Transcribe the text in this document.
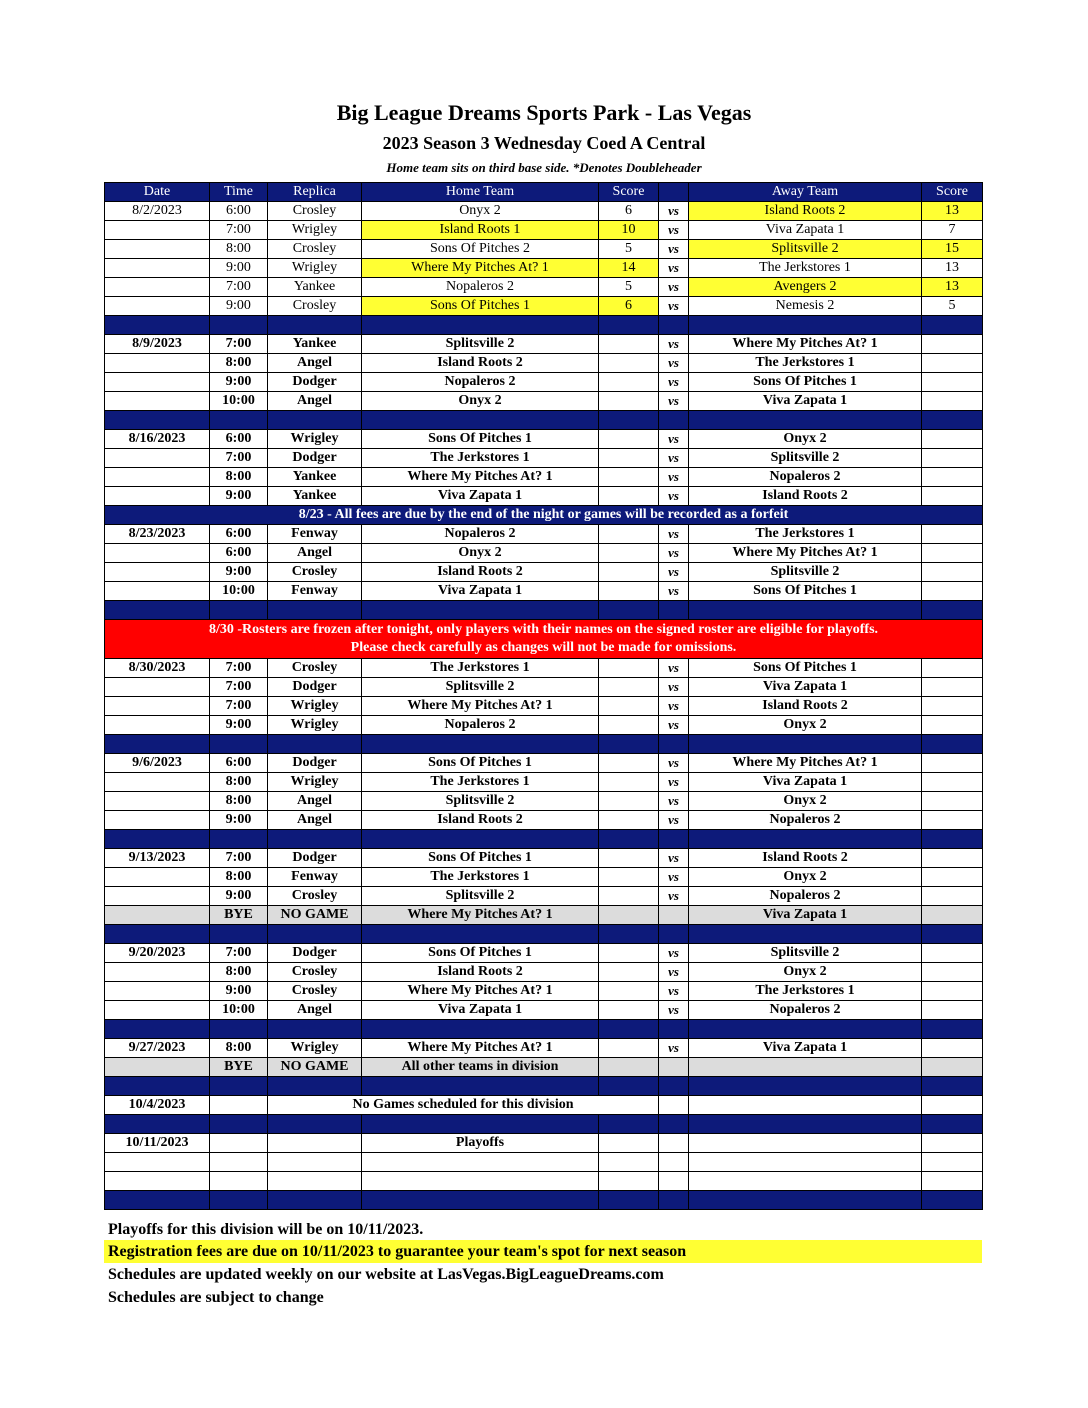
Big League Dreams Sports Park - Las Vegas
2023 Season 3 Wednesday Coed A Central
Home team sits on third base side. *Denotes Doubleheader
Date	Time	Replica	Home Team	Score		Away Team	Score
8/2/2023	6:00	Crosley	Onyx 2	6	vs	Island Roots 2	13
	7:00	Wrigley	Island Roots 1	10	vs	Viva Zapata 1	7
	8:00	Crosley	Sons Of Pitches 2	5	vs	Splitsville 2	15
	9:00	Wrigley	Where My Pitches At? 1	14	vs	The Jerkstores 1	13
	7:00	Yankee	Nopaleros 2	5	vs	Avengers 2	13
	9:00	Crosley	Sons Of Pitches 1	6	vs	Nemesis 2	5

8/9/2023	7:00	Yankee	Splitsville 2		vs	Where My Pitches At? 1	
	8:00	Angel	Island Roots 2		vs	The Jerkstores 1	
	9:00	Dodger	Nopaleros 2		vs	Sons Of Pitches 1	
	10:00	Angel	Onyx 2		vs	Viva Zapata 1	

8/16/2023	6:00	Wrigley	Sons Of Pitches 1		vs	Onyx 2	
	7:00	Dodger	The Jerkstores 1		vs	Splitsville 2	
	8:00	Yankee	Where My Pitches At? 1		vs	Nopaleros 2	
	9:00	Yankee	Viva Zapata 1		vs	Island Roots 2	
8/23 - All fees are due by the end of the night or games will be recorded as a forfeit							
8/23/2023	6:00	Fenway	Nopaleros 2		vs	The Jerkstores 1	
	6:00	Angel	Onyx 2		vs	Where My Pitches At? 1	
	9:00	Crosley	Island Roots 2		vs	Splitsville 2	
	10:00	Fenway	Viva Zapata 1		vs	Sons Of Pitches 1	

8/30 -Rosters are frozen after tonight, only players with their names on the signed roster are eligible for playoffs.
Please check carefully as changes will not be made for omissions.							

8/30/2023	7:00	Crosley	The Jerkstores 1		vs	Sons Of Pitches 1	
	7:00	Dodger	Splitsville 2		vs	Viva Zapata 1	
	7:00	Wrigley	Where My Pitches At? 1		vs	Island Roots 2	
	9:00	Wrigley	Nopaleros 2		vs	Onyx 2	

9/6/2023	6:00	Dodger	Sons Of Pitches 1		vs	Where My Pitches At? 1	
	8:00	Wrigley	The Jerkstores 1		vs	Viva Zapata 1	
	8:00	Angel	Splitsville 2		vs	Onyx 2	
	9:00	Angel	Island Roots 2		vs	Nopaleros 2	

9/13/2023	7:00	Dodger	Sons Of Pitches 1		vs	Island Roots 2	
	8:00	Fenway	The Jerkstores 1		vs	Onyx 2	
	9:00	Crosley	Splitsville 2		vs	Nopaleros 2	
	BYE	NO GAME	Where My Pitches At? 1			Viva Zapata 1	

9/20/2023	7:00	Dodger	Sons Of Pitches 1		vs	Splitsville 2	
	8:00	Crosley	Island Roots 2		vs	Onyx 2	
	9:00	Crosley	Where My Pitches At? 1		vs	The Jerkstores 1	
	10:00	Angel	Viva Zapata 1		vs	Nopaleros 2	

9/27/2023	8:00	Wrigley	Where My Pitches At? 1		vs	Viva Zapata 1	
	BYE	NO GAME	All other teams in division				

10/4/2023		No Games scheduled for this division					

10/11/2023			Playoffs				

Playoffs for this division will be on 10/11/2023.
Registration fees are due on 10/11/2023 to guarantee your team's spot for next season
Schedules are updated weekly on our website at LasVegas.BigLeagueDreams.com
Schedules are subject to change
